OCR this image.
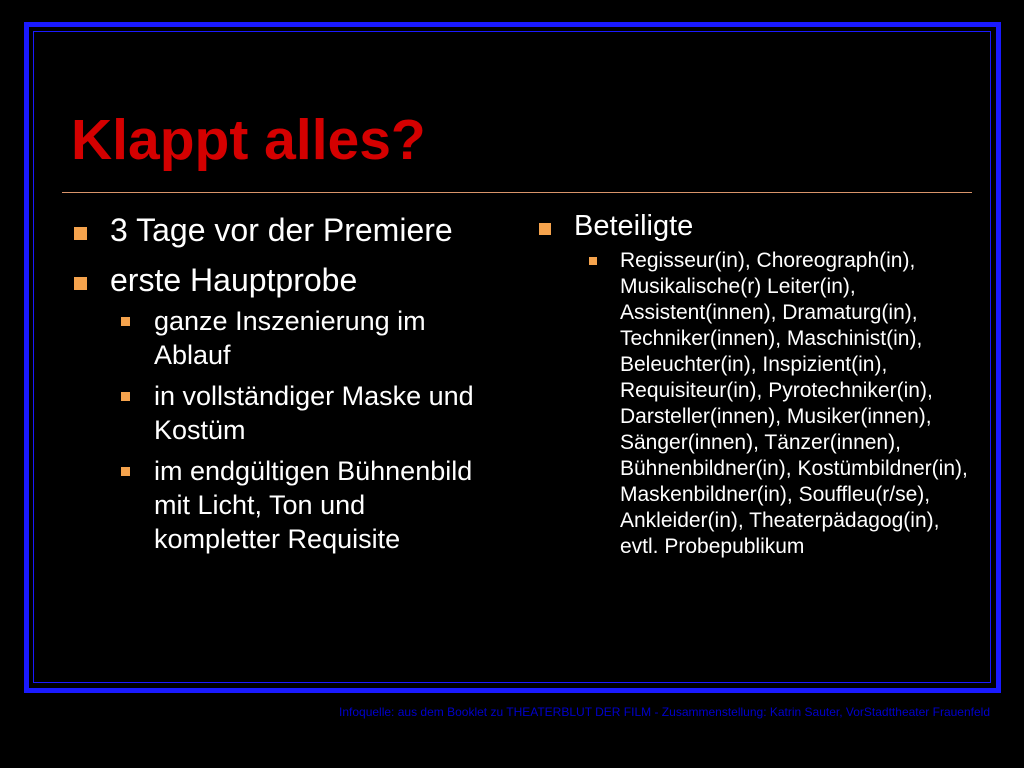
Klappt alles?
3 Tage vor der Premiere
erste Hauptprobe
ganze Inszenierung im Ablauf
in vollständiger Maske und Kostüm
im endgültigen Bühnenbild mit Licht, Ton und kompletter Requisite
Beteiligte
Regisseur(in), Choreograph(in), Musikalische(r) Leiter(in), Assistent(innen), Dramaturg(in), Techniker(innen), Maschinist(in), Beleuchter(in), Inspizient(in), Requisiteur(in), Pyrotechniker(in), Darsteller(innen), Musiker(innen), Sänger(innen), Tänzer(innen), Bühnenbildner(in), Kostümbildner(in), Maskenbildner(in), Souffleu(r/se), Ankleider(in), Theaterpädagog(in), evtl. Probepublikum
Infoquelle: aus dem Booklet zu THEATERBLUT DER FILM - Zusammenstellung: Katrin Sauter, VorStadttheater Frauenfeld
